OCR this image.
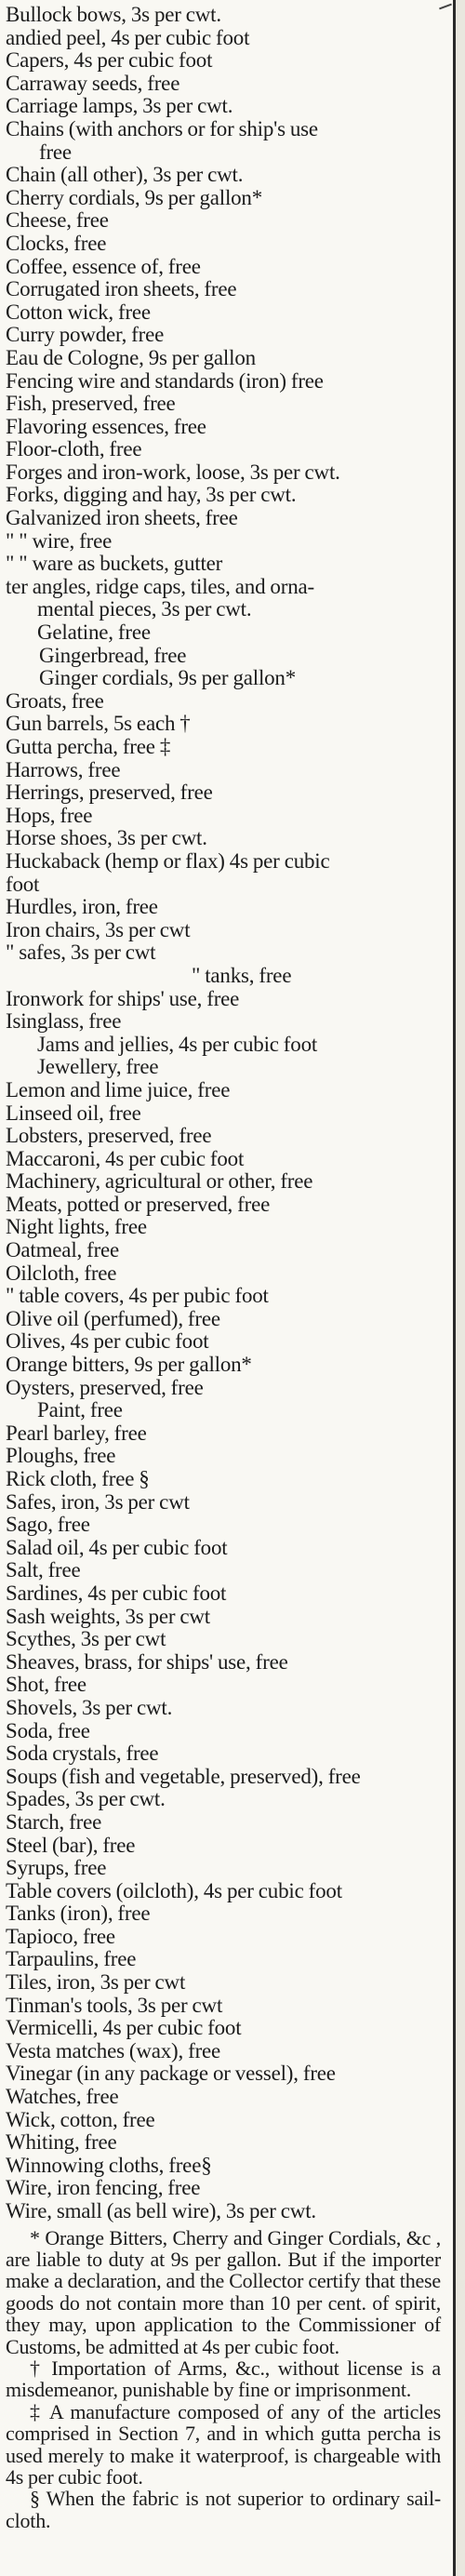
Bullock bows, 3s per cwt.
andied peel, 4s per cubic foot
Capers, 4s per cubic foot
Carraway seeds, free
Carriage lamps, 3s per cwt.
Chains (with anchors or for ship's use
free
Chain (all other), 3s per cwt.
Cherry cordials, 9s per gallon*
Cheese, free
Clocks, free
Coffee, essence of, free
Corrugated iron sheets, free
Cotton wick, free
Curry powder, free
Eau de Cologne, 9s per gallon
Fencing wire and standards (iron) free
Fish, preserved, free
Flavoring essences, free
Floor-cloth, free
Forges and iron-work, loose, 3s per cwt.
Forks, digging and hay, 3s per cwt.
Galvanized iron sheets, free
" " wire, free
" " ware as buckets, gutter
ter angles, ridge caps, tiles, and orna-
mental pieces, 3s per cwt.
Gelatine, free
Gingerbread, free
Ginger cordials, 9s per gallon*
Groats, free
Gun barrels, 5s each †
Gutta percha, free ‡
Harrows, free
Herrings, preserved, free
Hops, free
Horse shoes, 3s per cwt.
Huckaback (hemp or flax) 4s per cubic
foot
Hurdles, iron, free
Iron chairs, 3s per cwt
" safes, 3s per cwt
" tanks, free
Ironwork for ships' use, free
Isinglass, free
Jams and jellies, 4s per cubic foot
Jewellery, free
Lemon and lime juice, free
Linseed oil, free
Lobsters, preserved, free
Maccaroni, 4s per cubic foot
Machinery, agricultural or other, free
Meats, potted or preserved, free
Night lights, free
Oatmeal, free
Oilcloth, free
" table covers, 4s per pubic foot
Olive oil (perfumed), free
Olives, 4s per cubic foot
Orange bitters, 9s per gallon*
Oysters, preserved, free
Paint, free
Pearl barley, free
Ploughs, free
Rick cloth, free §
Safes, iron, 3s per cwt
Sago, free
Salad oil, 4s per cubic foot
Salt, free
Sardines, 4s per cubic foot
Sash weights, 3s per cwt
Scythes, 3s per cwt
Sheaves, brass, for ships' use, free
Shot, free
Shovels, 3s per cwt.
Soda, free
Soda crystals, free
Soups (fish and vegetable, preserved), free
Spades, 3s per cwt.
Starch, free
Steel (bar), free
Syrups, free
Table covers (oilcloth), 4s per cubic foot
Tanks (iron), free
Tapioco, free
Tarpaulins, free
Tiles, iron, 3s per cwt
Tinman's tools, 3s per cwt
Vermicelli, 4s per cubic foot
Vesta matches (wax), free
Vinegar (in any package or vessel), free
Watches, free
Wick, cotton, free
Whiting, free
Winnowing cloths, free§
Wire, iron fencing, free
Wire, small (as bell wire), 3s per cwt.

* Orange Bitters, Cherry and Ginger Cordials, &c , are liable to duty at 9s per gallon. But if the importer make a declaration, and the Collector certify that these goods do not contain more than 10 per cent. of spirit, they may, upon application to the Commissioner of Customs, be admitted at 4s per cubic foot.

† Importation of Arms, &c., without license is a misdemeanor, punishable by fine or imprisonment.

‡ A manufacture composed of any of the articles comprised in Section 7, and in which gutta percha is used merely to make it waterproof, is chargeable with 4s per cubic foot.

§ When the fabric is not superior to ordinary sail-cloth.
